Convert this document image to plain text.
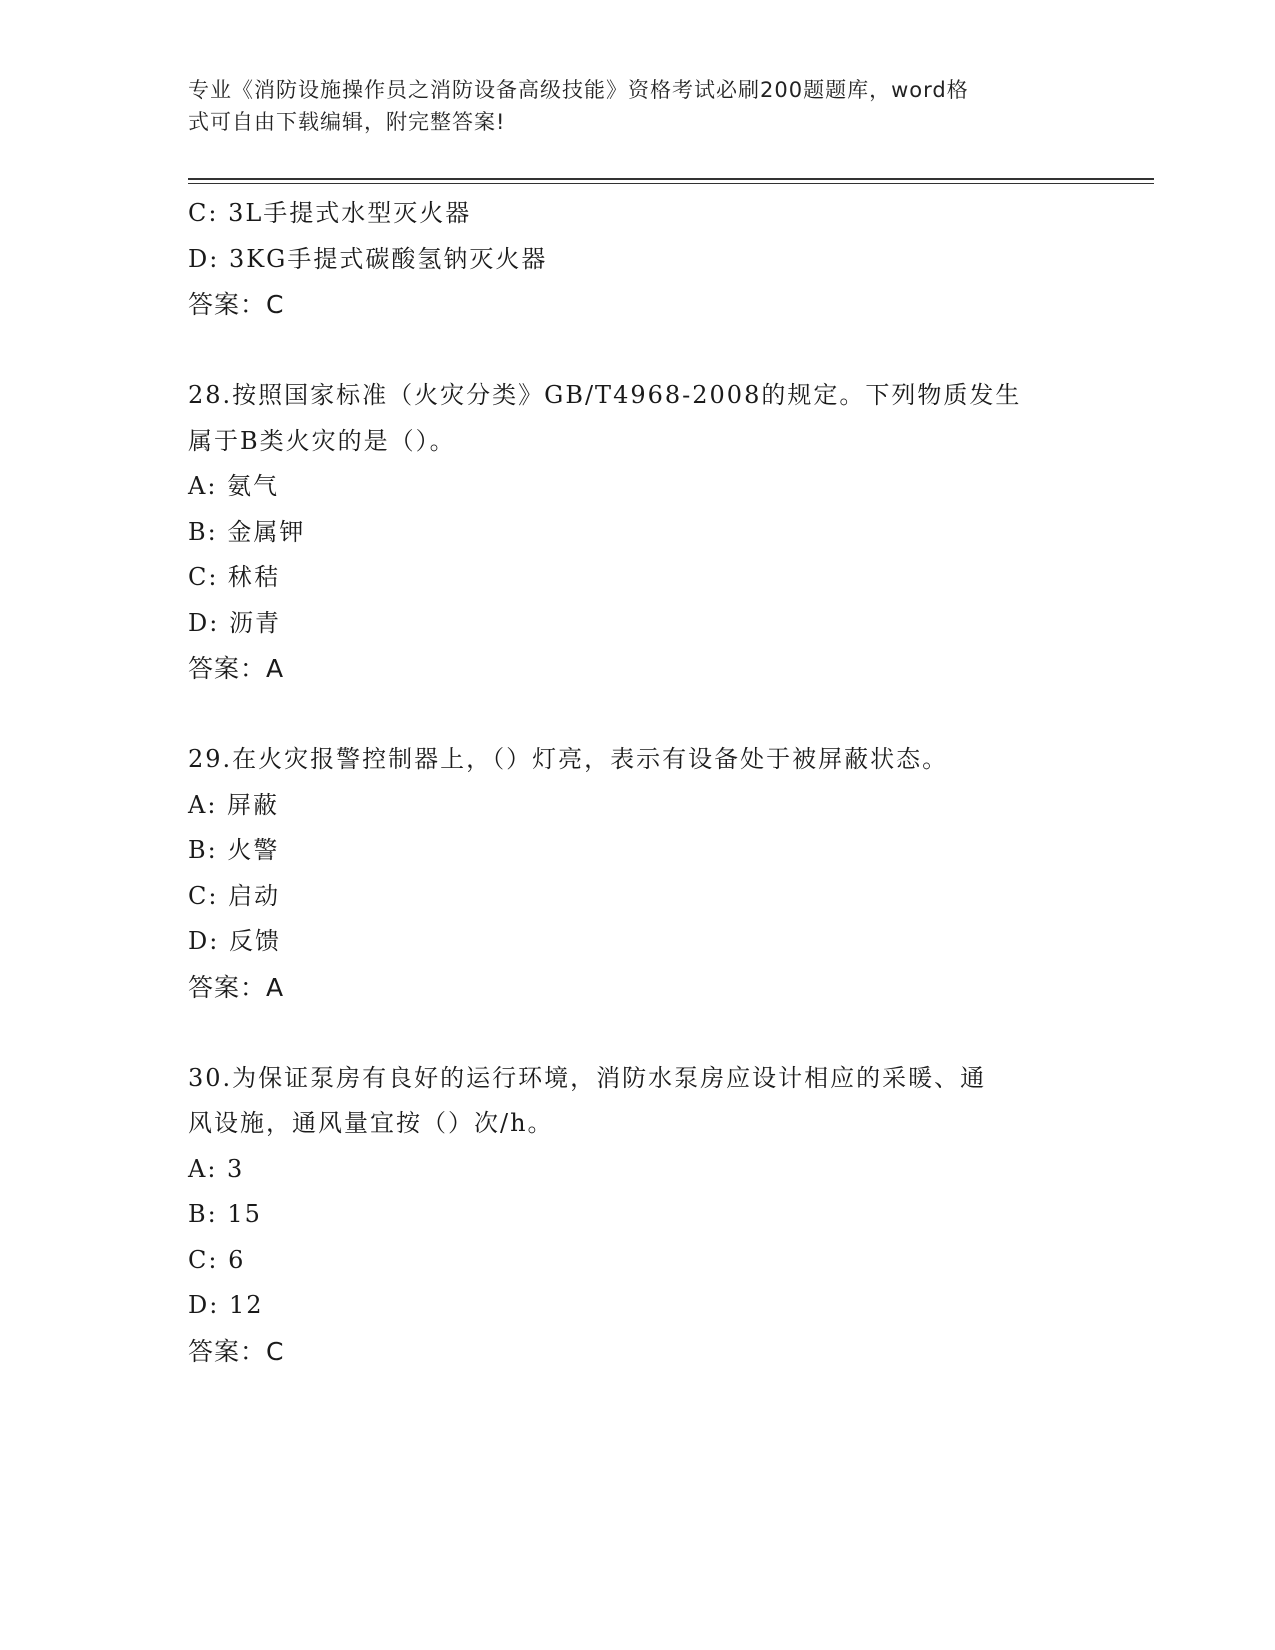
专业《消防设施操作员之消防设备高级技能》资格考试必刷200题题库，word格
式可自由下载编辑，附完整答案!
C: 3L手提式水型灭火器
D: 3KG手提式碳酸氢钠灭火器
答案：C
28.按照国家标准（火灾分类》GB/T4968-2008的规定。下列物质发生
属于B类火灾的是（）。
A: 氨气
B: 金属钾
C: 秫秸
D: 沥青
答案：A
29.在火灾报警控制器上，（）灯亮，表示有设备处于被屏蔽状态。
A: 屏蔽
B: 火警
C: 启动
D: 反馈
答案：A
30.为保证泵房有良好的运行环境，消防水泵房应设计相应的采暖、通
风设施，通风量宜按（）次/h。
A: 3
B: 15
C: 6
D: 12
答案：C
